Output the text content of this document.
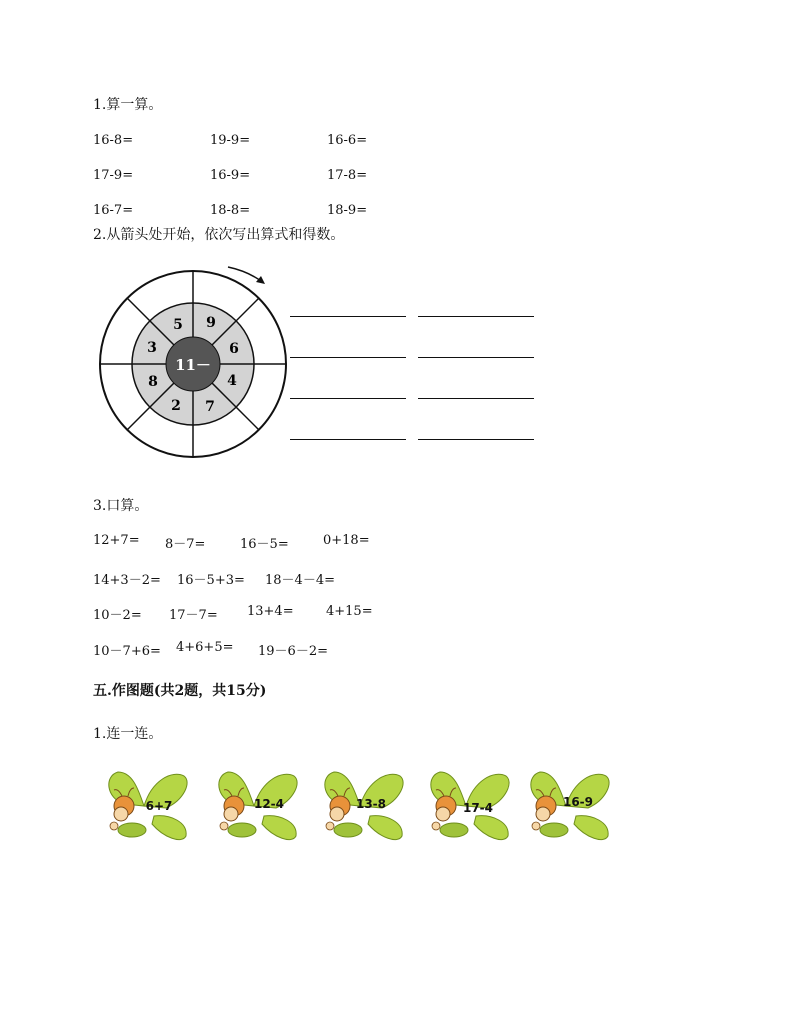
1.算一算。
16-8=	19-9=	16-6=
17-9=	16-9=	17-8=
16-7=	18-8=	18-9=
2.从箭头处开始，依次写出算式和得数。
11－
5 9
6
4
7
2
8
3
3.口算。
12+7= 8－7=	16－5=	0+18=
14+3－2= 16－5+3= 18－4－4=
10－2= 17－7= 13+4= 4+15=
10－7+6= 4+6+5= 19－6－2=
五.作图题(共2题，共15分)
1.连一连。
6+7	12-4	13-8	17-4	16-9
